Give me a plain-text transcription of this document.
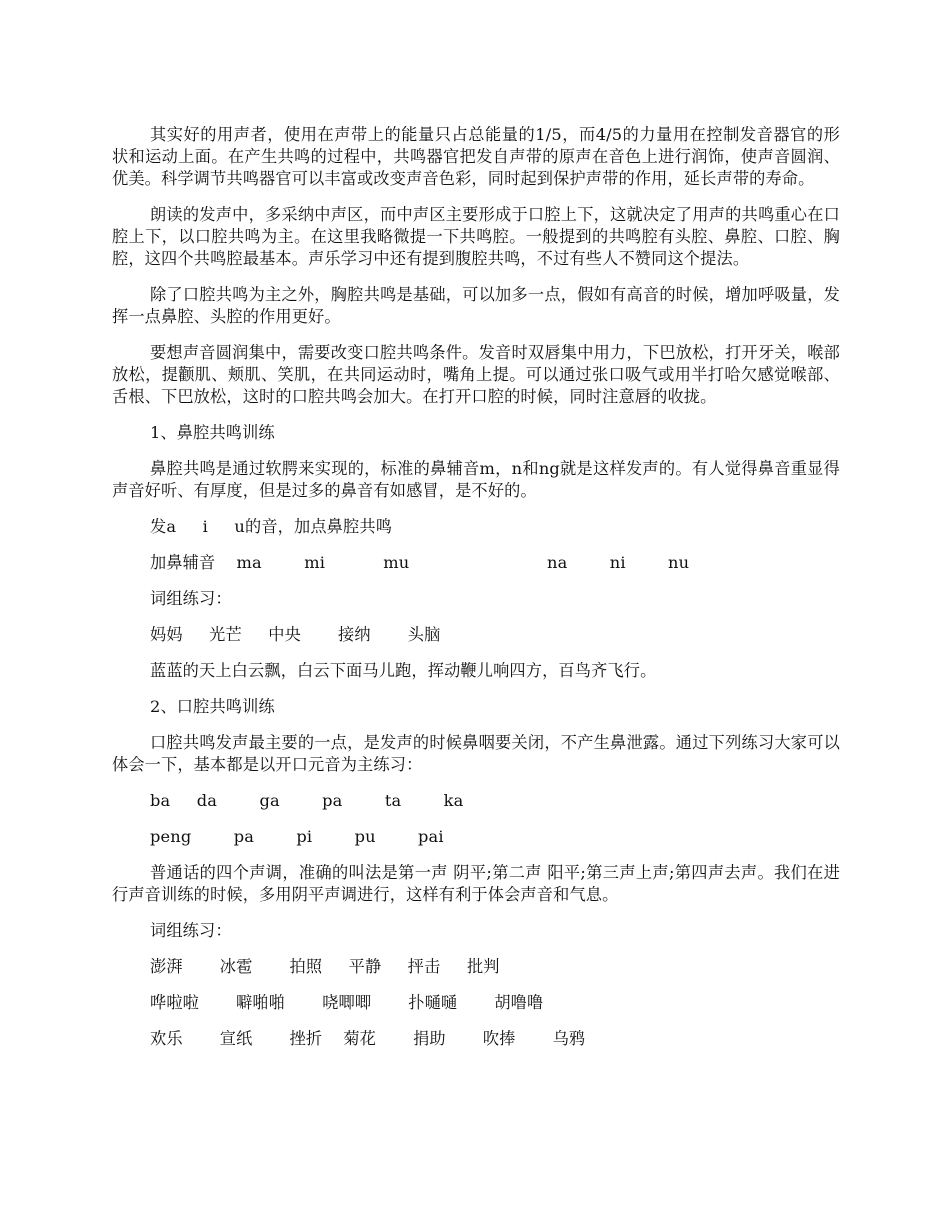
其实好的用声者，使用在声带上的能量只占总能量的1/5，而4/5的力量用在控制发音器官的形状和运动上面。在产生共鸣的过程中，共鸣器官把发自声带的原声在音色上进行润饰，使声音圆润、优美。科学调节共鸣器官可以丰富或改变声音色彩，同时起到保护声带的作用，延长声带的寿命。

朗读的发声中，多采纳中声区，而中声区主要形成于口腔上下，这就决定了用声的共鸣重心在口腔上下，以口腔共鸣为主。在这里我略微提一下共鸣腔。一般提到的共鸣腔有头腔、鼻腔、口腔、胸腔，这四个共鸣腔最基本。声乐学习中还有提到腹腔共鸣，不过有些人不赞同这个提法。

除了口腔共鸣为主之外，胸腔共鸣是基础，可以加多一点，假如有高音的时候，增加呼吸量，发挥一点鼻腔、头腔的作用更好。

要想声音圆润集中，需要改变口腔共鸣条件。发音时双唇集中用力，下巴放松，打开牙关，喉部放松，提颧肌、颊肌、笑肌，在共同运动时，嘴角上提。可以通过张口吸气或用半打哈欠感觉喉部、舌根、下巴放松，这时的口腔共鸣会加大。在打开口腔的时候，同时注意唇的收拢。

1、鼻腔共鸣训练

鼻腔共鸣是通过软腭来实现的，标准的鼻辅音m，n和ng就是这样发声的。有人觉得鼻音重显得声音好听、有厚度，但是过多的鼻音有如感冒，是不好的。

发a     i     u的音，加点鼻腔共鸣
加鼻辅音    ma        mi           mu                          na        ni        nu
词组练习：
妈妈     光芒     中央       接纳       头脑
蓝蓝的天上白云飘，白云下面马儿跑，挥动鞭儿响四方，百鸟齐飞行。
2、口腔共鸣训练

口腔共鸣发声最主要的一点，是发声的时候鼻咽要关闭，不产生鼻泄露。通过下列练习大家可以体会一下，基本都是以开口元音为主练习：

ba     da        ga        pa        ta        ka
peng        pa        pi        pu        pai

普通话的四个声调，准确的叫法是第一声 阴平;第二声 阳平;第三声上声;第四声去声。我们在进行声音训练的时候，多用阴平声调进行，这样有利于体会声音和气息。

词组练习：
澎湃       冰雹       拍照     平静     抨击     批判
哗啦啦       噼啪啪       哓唧唧       扑嗵嗵       胡噜噜
欢乐       宣纸       挫折    菊花       捐助       吹捧       乌鸦
